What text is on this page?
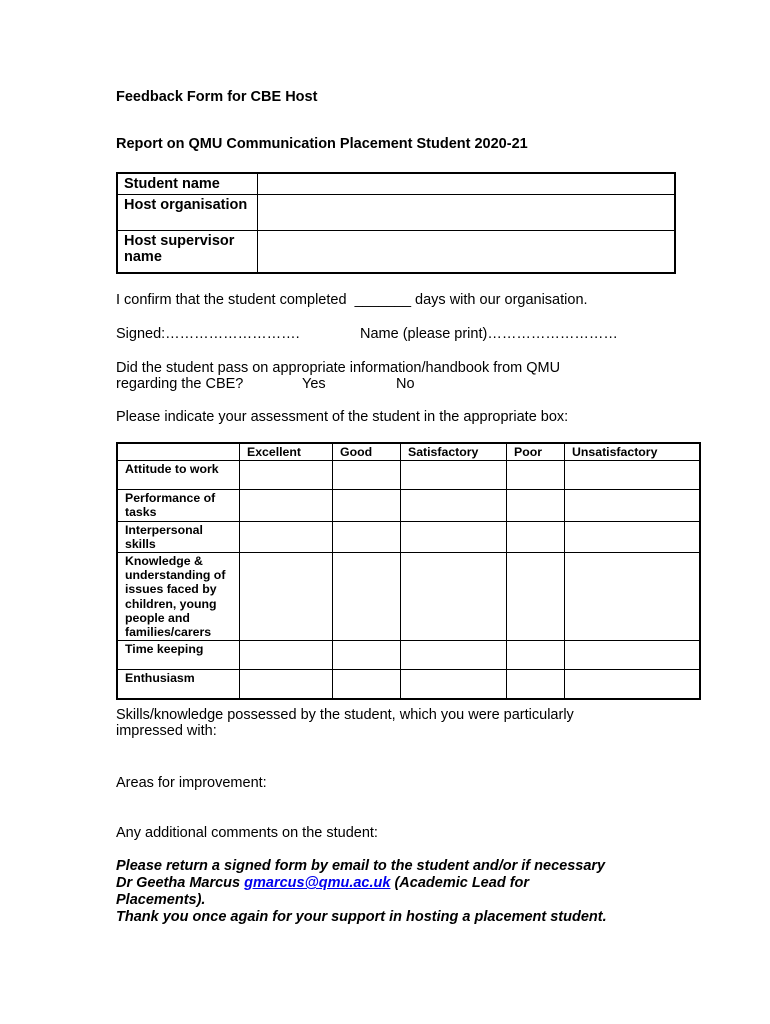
Feedback Form for CBE Host
Report on QMU Communication Placement Student 2020-21
Student name	
Host organisation	
Host supervisor name	
I confirm that the student completed  _______ days with our organisation.
Signed:……………………….	Name (please print)………………………
Did the student pass on appropriate information/handbook from QMU
regarding the CBE?	Yes	No
Please indicate your assessment of the student in the appropriate box:
	Excellent	Good	Satisfactory	Poor	Unsatisfactory
Attitude to work					
Performance of tasks					
Interpersonal skills					
Knowledge & understanding of issues faced by children, young people and families/carers					
Time keeping					
Enthusiasm					
Skills/knowledge possessed by the student, which you were particularly impressed with:
Areas for improvement:
Any additional comments on the student:
Please return a signed form by email to the student and/or if necessary
Dr Geetha Marcus gmarcus@qmu.ac.uk (Academic Lead for
Placements).
Thank you once again for your support in hosting a placement student.
